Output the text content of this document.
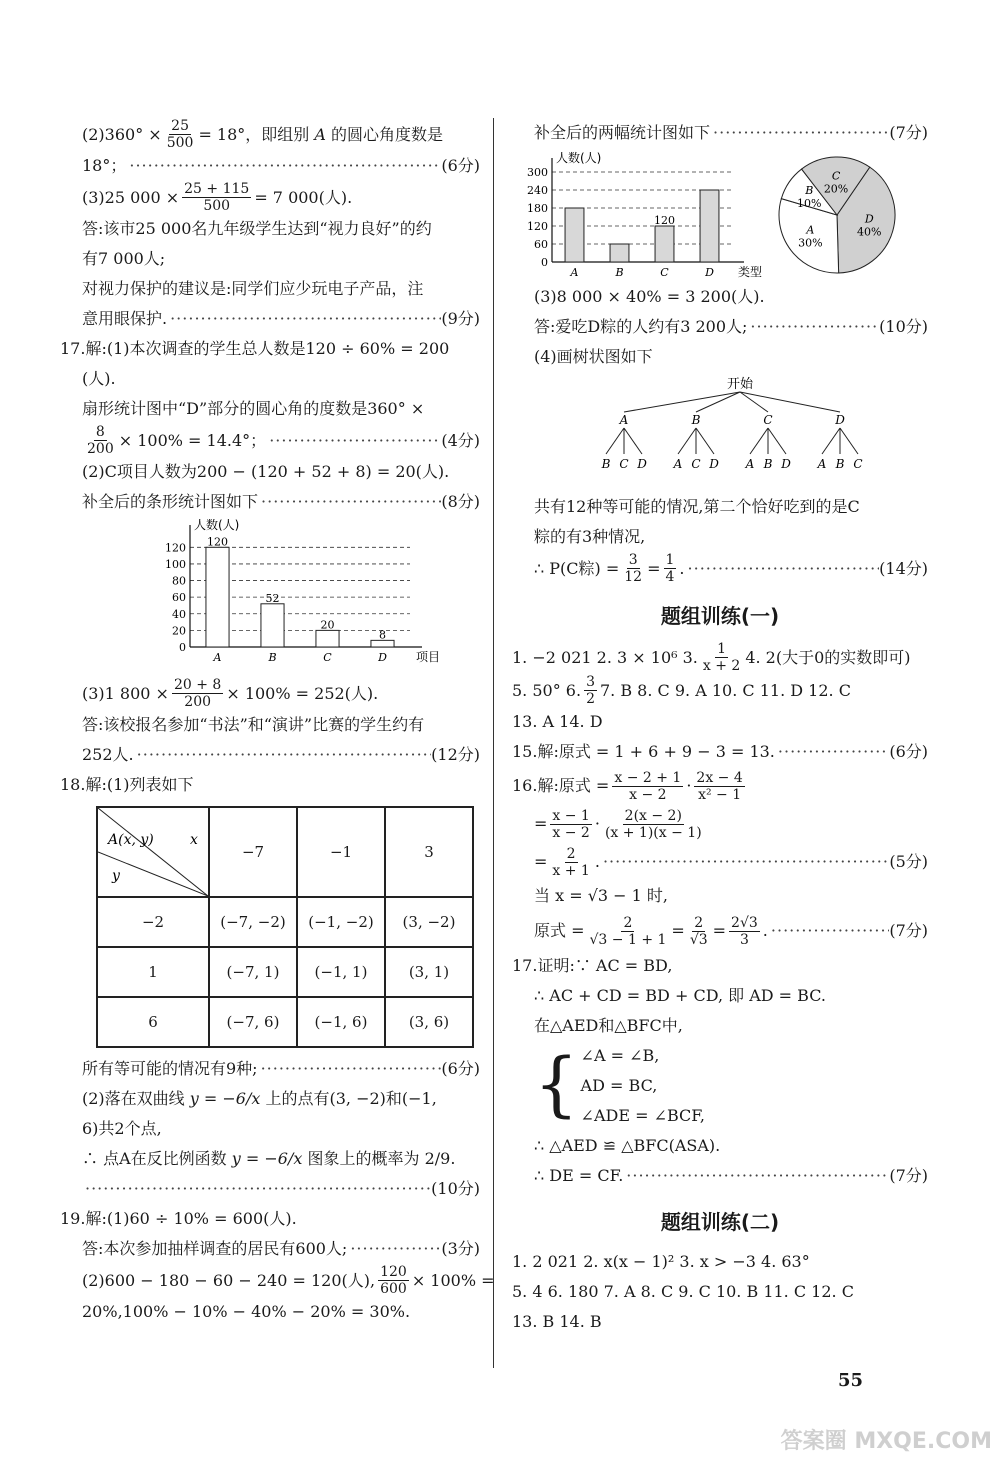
$(2)360^\circ \times \frac{25}{500} = 18^\circ$，即组别
A
的圆心角度数是
18°； ·····	(6分)
(3)25 $000 \times \frac{25 + 115}{500} = 7$ 000(人).
答:该市25 000名九年级学生达到“视力良好”的约
有7 000人;
对视力保护的建议是:同学们应少玩电子产品，注
意用眼保护. ·····	(9分)
17.解:(1)本次调查的学生总人数是120 ÷ 60% = 200
(人).
扇形统计图中“D”部分的圆心角的度数是360° ×
$\frac{8}{200} \times 100\% = 14.4^\circ$； ·····	(4分)
(2)C项目人数为200 − (120 + 52 + 8) = 20(人).
补全后的条形统计图如下 ·····	(8分)
0
20
40
60
80
100
120
人数(人)
项目
A
120
B
52
C
20
D
8
(3)1 $800 \times \frac{20 + 8}{200} \times 100\% = 252$(人).
答:该校报名参加“书法”和“演讲”比赛的学生约有
252人. ·····	(12分)
18.解:(1)列表如下
A(x, y) x
y	−7	−1	3
−2	(−7, −2)	(−1, −2)	(3, −2)
1	(−7, 1)	(−1, 1)	(3, 1)
6	(−7, 6)	(−1, 6)	(3, 6)
所有等可能的情况有9种; ·····	(6分)
(2)落在双曲线
y = −6/x
上的点有(3, −2)和(−1,
6)共2个点,
∴ 点A在反比例函数
y = −6/x
图象上的概率为
2/9 .
·····
(10分)
19.解:(1)60 ÷ 10% = 600(人).
答:本次参加抽样调查的居民有600人; ·····	(3分)
(2)600 − 180 − 60 − 240 = 120(人), $\frac{120}{600} \times 100\%$ =
20%,100% − 10% − 40% − 20% = 30%.
补全后的两幅统计图如下 ·····	(7分)
0
60
120
180
240
300
人数(人)
类型
A	B	C
120
D
D
40%
A
30%
B
10%
C
20%
(3)8 000 × 40% = 3 200(人).
答:爱吃D粽的人约有3 200人; ·····	(10分)
(4)画树状图如下
开始
A
B C D
B
A C D
C
A B D
D
A B C
共有12种等可能的情况,第二个恰好吃到的是C
粽的有3种情况,
∴ P(C粽) = $\frac{3}{12} = \frac{1}{4}$ . ·····	(14分)
题组训练(一)
1. −2 021 2. 3 × 10⁶ 3. $\frac{1}{x + 2} 4$. 2(大于0的实数即可)
5. 50° 6. $\frac{3}{2} 7$. B 8. C 9. A 10. C 11. D 12. C
13. A 14. D
15.解:原式 = 1 + 6 + 9 − 3 = 13. ·····	(6分)
16.解:原式 = $\frac{x - 2 + 1}{x - 2} \cdot \frac{2x - 4}{\text{x² − 1}}$
= $\frac{x - 1}{x - 2} \cdot \frac{2(x - 2)}{(x + 1)(x - 1)}$
= $\frac{2}{x + 1}$ . ·····	(5分)
当 x = √3 − 1 时,
原式 = $\frac{2}{√3 - 1 + 1} = \frac{2}{√3} = \frac{2√3}{3}$ . ·····	(7分)
17.证明:∵ AC = BD,
∴ AC + CD = BD + CD, 即 AD = BC.
在△AED和△BFC中,
{ ∠A = ∠B,
AD = BC,
∠ADE = ∠BCF,
∴ △AED ≌ △BFC(ASA).
∴ DE = CF. ·····	(7分)
题组训练(二)
1. 2 021 2. x(x − 1)² 3. x > −3 4. 63°
5. 4 6. 180 7. A 8. C 9. C 10. B 11. C 12. C
13. B 14. B
55
答案圈 MXQE.COM
